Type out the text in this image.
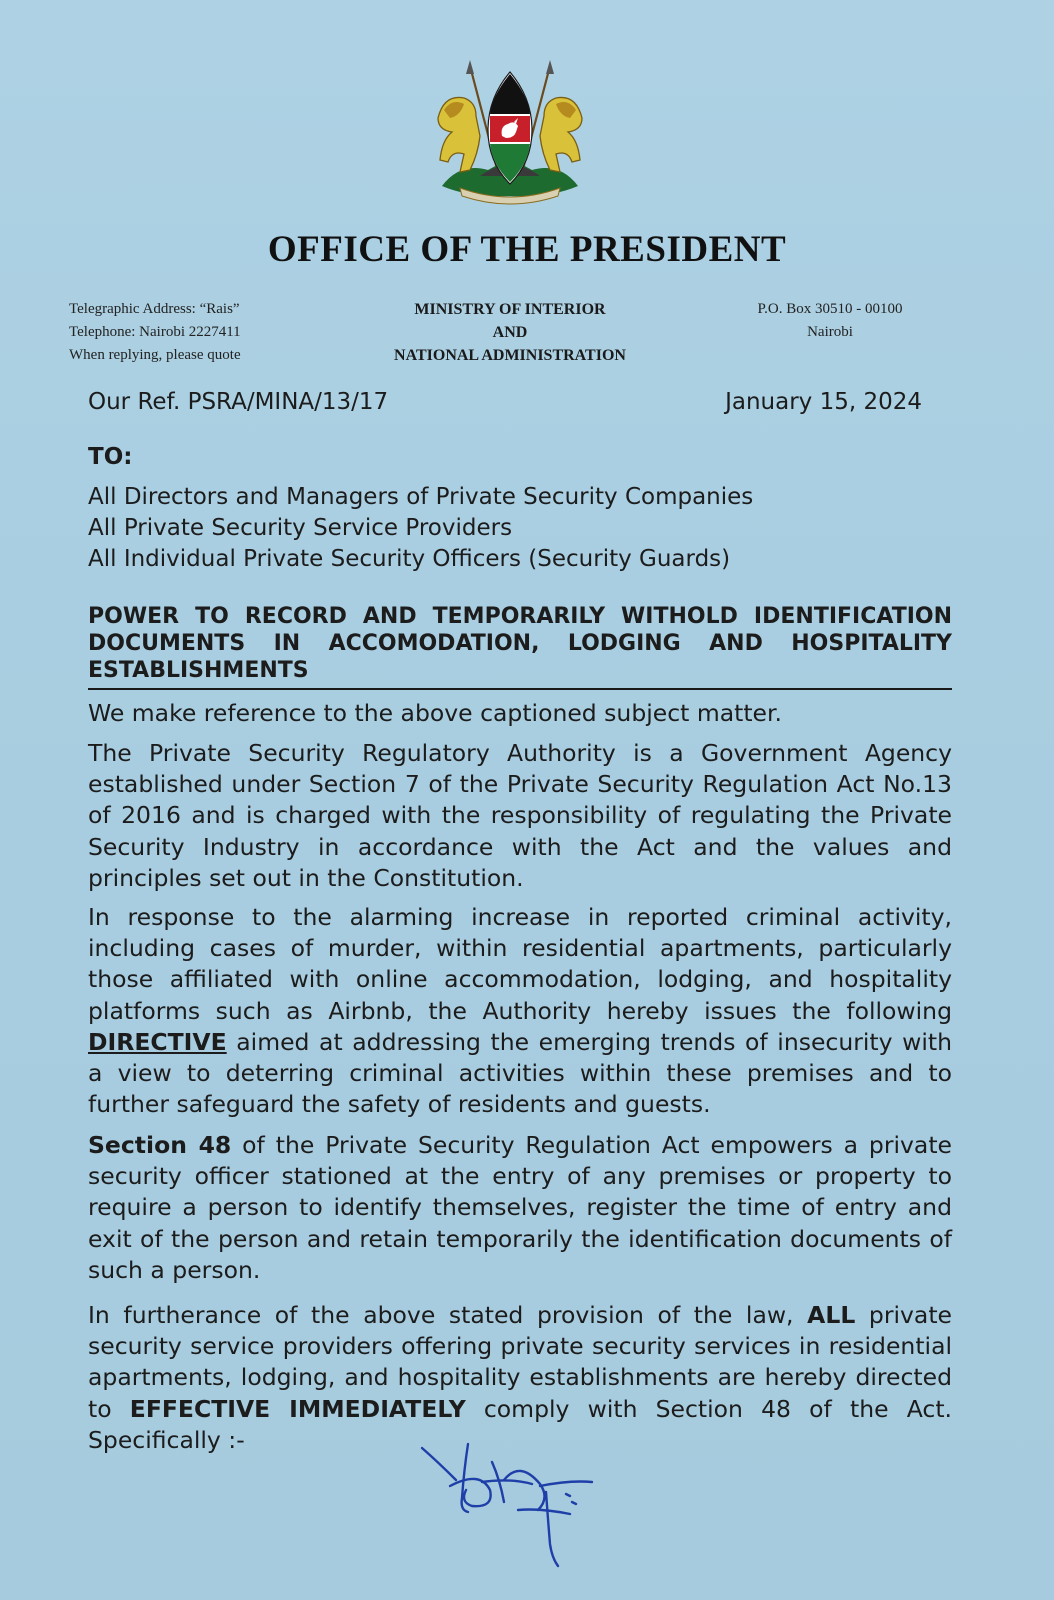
OFFICE OF THE PRESIDENT
Telegraphic Address: “Rais”
Telephone: Nairobi 2227411
When replying, please quote
MINISTRY OF INTERIOR
AND
NATIONAL ADMINISTRATION
P.O. Box 30510 - 00100
Nairobi
Our Ref. PSRA/MINA/13/17	January 15, 2024
TO:
All Directors and Managers of Private Security Companies
All Private Security Service Providers
All Individual Private Security Officers (Security Guards)
POWER TO RECORD AND TEMPORARILY WITHOLD IDENTIFICATION DOCUMENTS IN ACCOMODATION, LODGING AND HOSPITALITY ESTABLISHMENTS
We make reference to the above captioned subject matter.
The Private Security Regulatory Authority is a Government Agency established under Section 7 of the Private Security Regulation Act No.13 of 2016 and is charged with the responsibility of regulating the Private Security Industry in accordance with the Act and the values and principles set out in the Constitution.
In response to the alarming increase in reported criminal activity, including cases of murder, within residential apartments, particularly those affiliated with online accommodation, lodging, and hospitality platforms such as Airbnb, the Authority hereby issues the following DIRECTIVE aimed at addressing the emerging trends of insecurity with a view to deterring criminal activities within these premises and to further safeguard the safety of residents and guests.
Section 48 of the Private Security Regulation Act empowers a private security officer stationed at the entry of any premises or property to require a person to identify themselves, register the time of entry and exit of the person and retain temporarily the identification documents of such a person.
In furtherance of the above stated provision of the law, ALL private security service providers offering private security services in residential apartments, lodging, and hospitality establishments are hereby directed to EFFECTIVE IMMEDIATELY comply with Section 48 of the Act. Specifically :-
